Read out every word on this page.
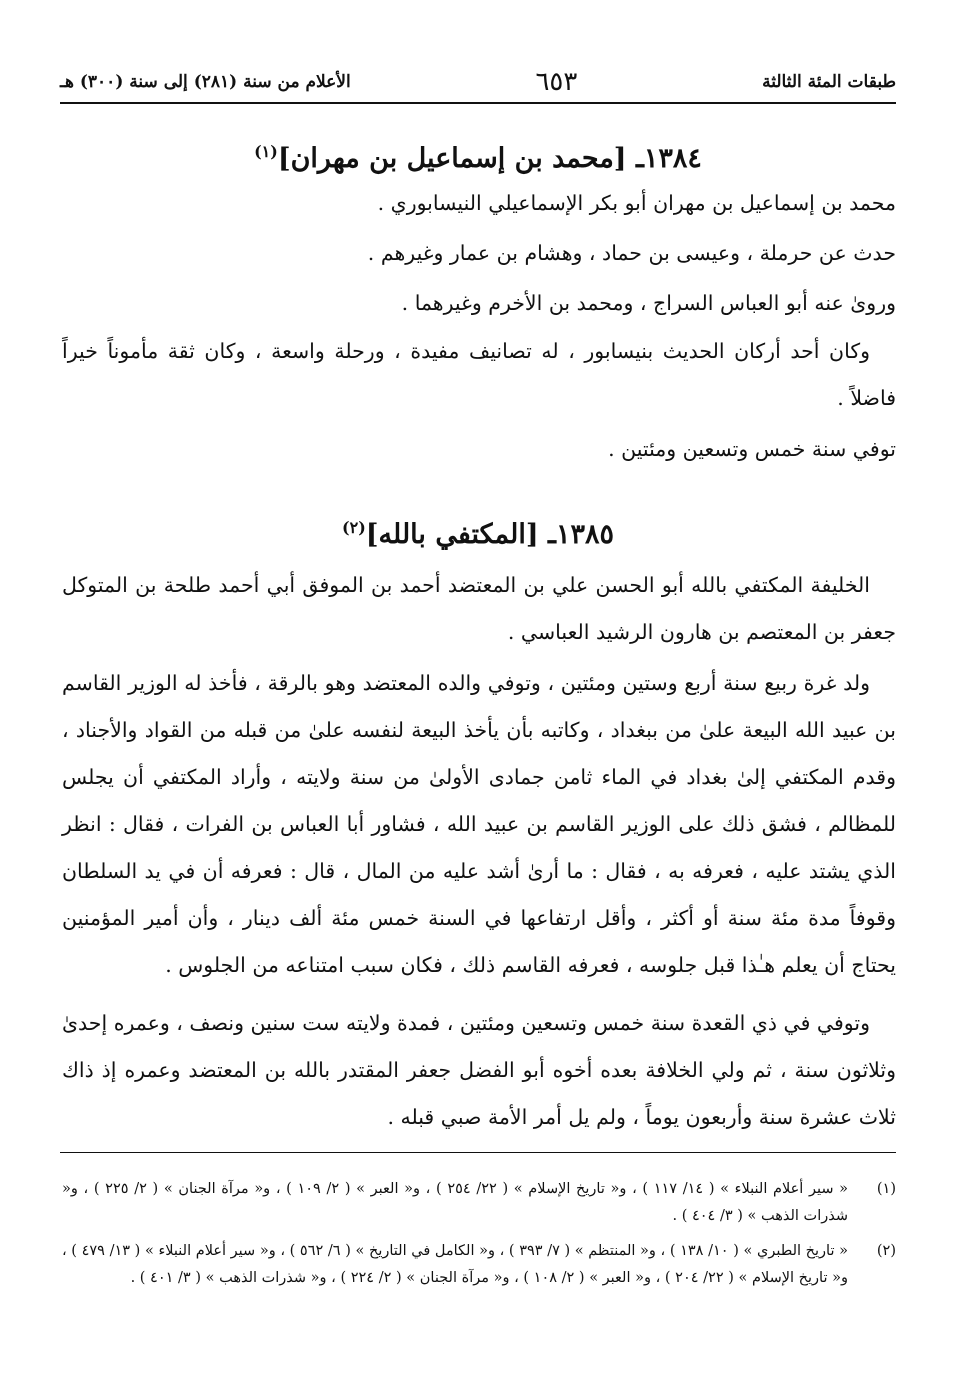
طبقات المئة الثالثة
٦٥٣
الأعلام من سنة (٢٨١) إلى سنة (٣٠٠) هـ
١٣٨٤ـ [محمد بن إسماعيل بن مهران]$^{(١)}$
محمد بن إسماعيل بن مهران أبو بكر الإسماعيلي النيسابوري .
حدث عن حرملة ، وعيسى بن حماد ، وهشام بن عمار وغيرهم .
وروىٰ عنه أبو العباس السراج ، ومحمد بن الأخرم وغيرهما .
وكان أحد أركان الحديث بنيسابور ، له تصانيف مفيدة ، ورحلة واسعة ، وكان ثقة مأموناً خيراً فاضلاً .
توفي سنة خمس وتسعين ومئتين .
١٣٨٥ـ [المكتفي بالله]$^{(٢)}$
الخليفة المكتفي بالله أبو الحسن علي بن المعتضد أحمد بن الموفق أبي أحمد طلحة بن المتوكل جعفر بن المعتصم بن هارون الرشيد العباسي .
ولد غرة ربيع سنة أربع وستين ومئتين ، وتوفي والده المعتضد وهو بالرقة ، فأخذ له الوزير القاسم بن عبيد الله البيعة علىٰ من ببغداد ، وكاتبه بأن يأخذ البيعة لنفسه علىٰ من قبله من القواد والأجناد ، وقدم المكتفي إلىٰ بغداد في الماء ثامن جمادى الأولىٰ من سنة ولايته ، وأراد المكتفي أن يجلس للمظالم ، فشق ذلك على الوزير القاسم بن عبيد الله ، فشاور أبا العباس بن الفرات ، فقال : انظر الذي يشتد عليه ، فعرفه به ، فقال : ما أرىٰ أشد عليه من المال ، قال : فعرفه أن في يد السلطان وقوفاً مدة مئة سنة أو أكثر ، وأقل ارتفاعها في السنة خمس مئة ألف دينار ، وأن أمير المؤمنين يحتاج أن يعلم هـٰذا قبل جلوسه ، فعرفه القاسم ذلك ، فكان سبب امتناعه من الجلوس .
وتوفي في ذي القعدة سنة خمس وتسعين ومئتين ، فمدة ولايته ست سنين ونصف ، وعمره إحدىٰ وثلاثون سنة ، ثم ولي الخلافة بعده أخوه أبو الفضل جعفر المقتدر بالله بن المعتضد وعمره إذ ذاك ثلاث عشرة سنة وأربعون يوماً ، ولم يل أمر الأمة صبي قبله .
(١)
« سير أعلام النبلاء » ( ١٤/ ١١٧ ) ، و« تاريخ الإسلام » ( ٢٢/ ٢٥٤ ) ، و« العبر » ( ٢/ ١٠٩ ) ، و« مرآة الجنان » ( ٢/ ٢٢٥ ) ، و« شذرات الذهب » ( ٣/ ٤٠٤ ) .
(٢)
« تاريخ الطبري » ( ١٠/ ١٣٨ ) ، و« المنتظم » ( ٧/ ٣٩٣ ) ، و« الكامل في التاريخ » ( ٦/ ٥٦٢ ) ، و« سير أعلام النبلاء » ( ١٣/ ٤٧٩ ) ، و« تاريخ الإسلام » ( ٢٢/ ٢٠٤ ) ، و« العبر » ( ٢/ ١٠٨ ) ، و« مرآة الجنان » ( ٢/ ٢٢٤ ) ، و« شذرات الذهب » ( ٣/ ٤٠١ ) .
